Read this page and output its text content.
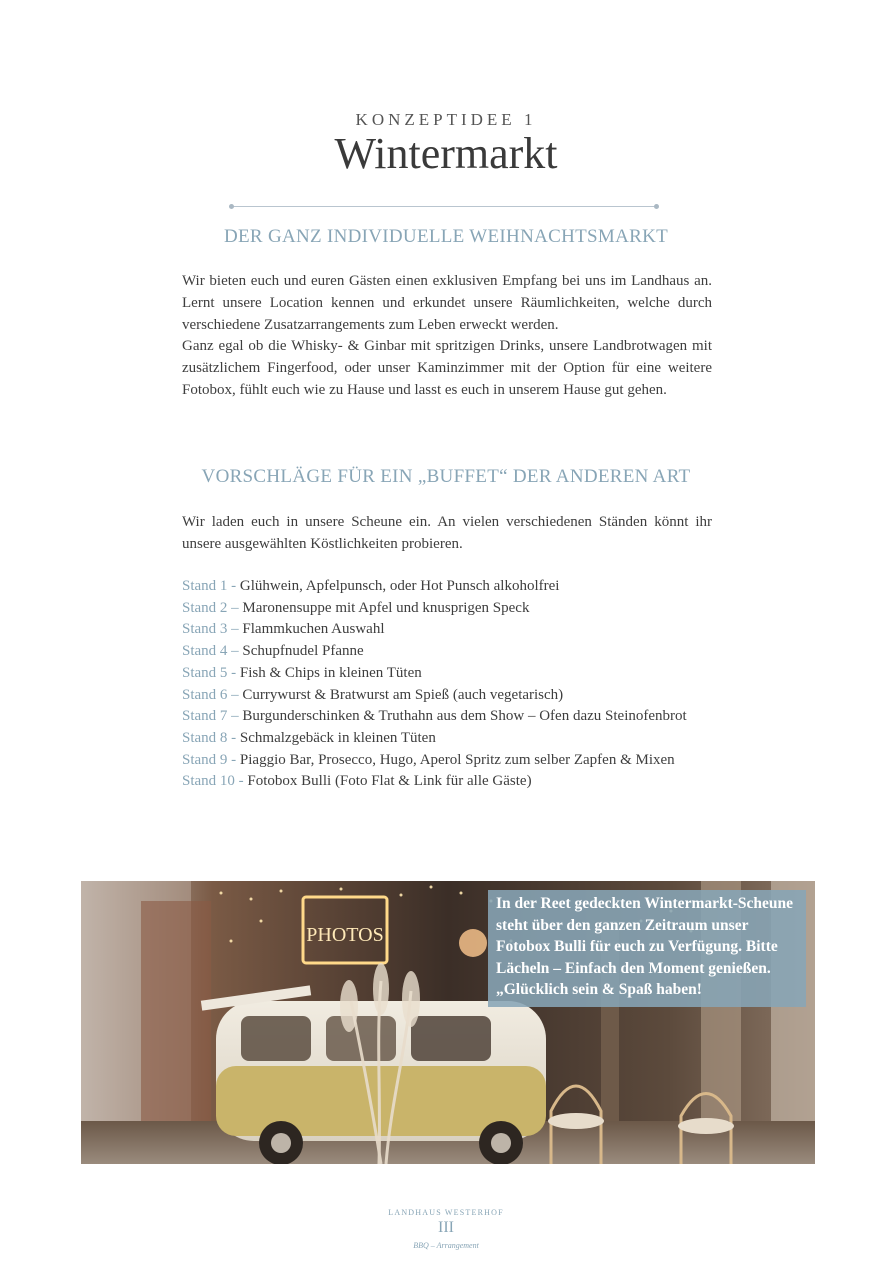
KONZEPTIDEE 1
Wintermarkt
DER GANZ INDIVIDUELLE WEIHNACHTSMARKT

Wir bieten euch und euren Gästen einen exklusiven Empfang bei uns im Landhaus an. Lernt unsere Location kennen und erkundet unsere Räumlichkeiten, welche durch verschiedene Zusatzarrangements zum Leben erweckt werden.
Ganz egal ob die Whisky- & Ginbar mit spritzigen Drinks, unsere Landbrotwagen mit zusätzlichem Fingerfood, oder unser Kaminzimmer mit der Option für eine weitere Fotobox, fühlt euch wie zu Hause und lasst es euch in unserem Hause gut gehen.

VORSCHLÄGE FÜR EIN „BUFFET“ DER ANDEREN ART

Wir laden euch in unsere Scheune ein. An vielen verschiedenen Ständen könnt ihr unsere ausgewählten Köstlichkeiten probieren.

Stand 1 - Glühwein, Apfelpunsch, oder Hot Punsch alkoholfrei
Stand 2 – Maronensuppe mit Apfel und knusprigen Speck
Stand 3 – Flammkuchen Auswahl
Stand 4 – Schupfnudel Pfanne
Stand 5 - Fish & Chips in kleinen Tüten
Stand 6 – Currywurst & Bratwurst am Spieß (auch vegetarisch)
Stand 7 – Burgunderschinken & Truthahn aus dem Show – Ofen dazu Steinofenbrot
Stand 8 - Schmalzgebäck in kleinen Tüten
Stand 9 - Piaggio Bar, Prosecco, Hugo, Aperol Spritz zum selber Zapfen & Mixen
Stand 10 - Fotobox Bulli (Foto Flat & Link für alle Gäste)
PHOTOS
In der Reet gedeckten Wintermarkt-Scheune steht über den ganzen Zeitraum unser Fotobox Bulli für euch zu Verfügung. Bitte Lächeln – Einfach den Moment genießen. „Glücklich sein & Spaß haben!
LANDHAUS WESTERHOF
III
BBQ – Arrangement
